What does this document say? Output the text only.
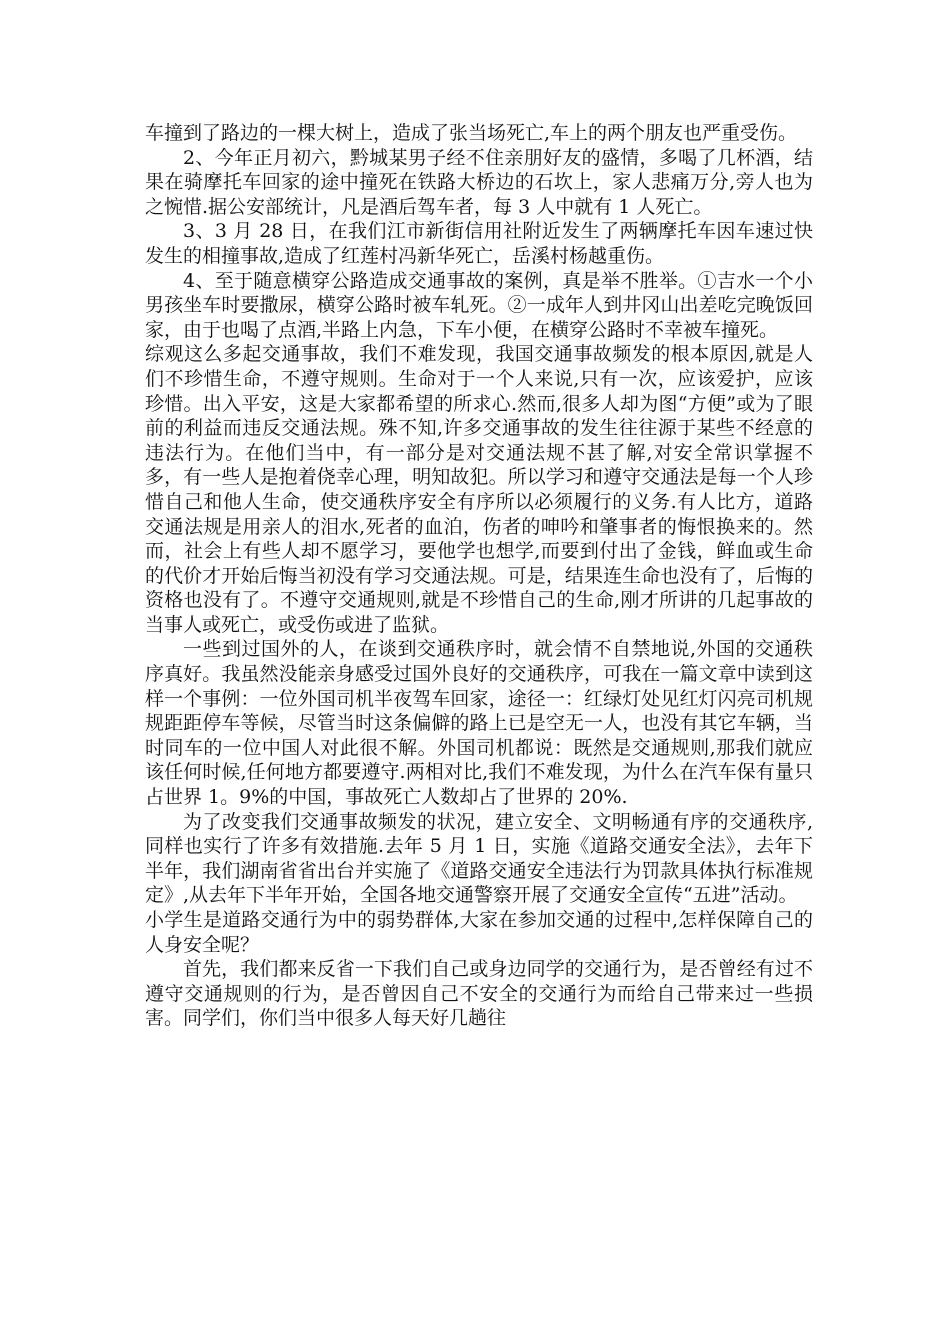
车撞到了路边的一棵大树上，造成了张当场死亡,车上的两个朋友也严重受伤。

2、今年正月初六，黔城某男子经不住亲朋好友的盛情，多喝了几杯酒，结果在骑摩托车回家的途中撞死在铁路大桥边的石坎上，家人悲痛万分,旁人也为之惋惜.据公安部统计，凡是酒后驾车者，每 3 人中就有 1 人死亡。

3、3 月 28 日，在我们江市新街信用社附近发生了两辆摩托车因车速过快发生的相撞事故,造成了红莲村冯新华死亡，岳溪村杨越重伤。

4、至于随意横穿公路造成交通事故的案例，真是举不胜举。①吉水一个小男孩坐车时要撒尿，横穿公路时被车轧死。②一成年人到井冈山出差吃完晚饭回家，由于也喝了点酒,半路上内急，下车小便，在横穿公路时不幸被车撞死。

综观这么多起交通事故，我们不难发现，我国交通事故频发的根本原因,就是人们不珍惜生命，不遵守规则。生命对于一个人来说,只有一次，应该爱护，应该珍惜。出入平安，这是大家都希望的所求心.然而,很多人却为图“方便”或为了眼前的利益而违反交通法规。殊不知,许多交通事故的发生往往源于某些不经意的违法行为。在他们当中，有一部分是对交通法规不甚了解,对安全常识掌握不多，有一些人是抱着侥幸心理，明知故犯。所以学习和遵守交通法是每一个人珍惜自己和他人生命，使交通秩序安全有序所以必须履行的义务.有人比方，道路交通法规是用亲人的泪水,死者的血泊，伤者的呻吟和肇事者的悔恨换来的。然而，社会上有些人却不愿学习，要他学也想学,而要到付出了金钱，鲜血或生命的代价才开始后悔当初没有学习交通法规。可是，结果连生命也没有了，后悔的资格也没有了。不遵守交通规则,就是不珍惜自己的生命,刚才所讲的几起事故的当事人或死亡，或受伤或进了监狱。

一些到过国外的人，在谈到交通秩序时，就会情不自禁地说,外国的交通秩序真好。我虽然没能亲身感受过国外良好的交通秩序，可我在一篇文章中读到这样一个事例：一位外国司机半夜驾车回家，途径一：红绿灯处见红灯闪亮司机规规距距停车等候，尽管当时这条偏僻的路上已是空无一人，也没有其它车辆，当时同车的一位中国人对此很不解。外国司机都说：既然是交通规则,那我们就应该任何时候,任何地方都要遵守.两相对比,我们不难发现，为什么在汽车保有量只占世界 1。9%的中国，事故死亡人数却占了世界的 20%.

为了改变我们交通事故频发的状况，建立安全、文明畅通有序的交通秩序,同样也实行了许多有效措施.去年 5 月 1 日，实施《道路交通安全法》，去年下半年，我们湖南省省出台并实施了《道路交通安全违法行为罚款具体执行标准规定》,从去年下半年开始，全国各地交通警察开展了交通安全宣传“五进”活动。

小学生是道路交通行为中的弱势群体,大家在参加交通的过程中,怎样保障自己的人身安全呢？

首先，我们都来反省一下我们自己或身边同学的交通行为，是否曾经有过不遵守交通规则的行为，是否曾因自己不安全的交通行为而给自己带来过一些损害。同学们，你们当中很多人每天好几趟往
